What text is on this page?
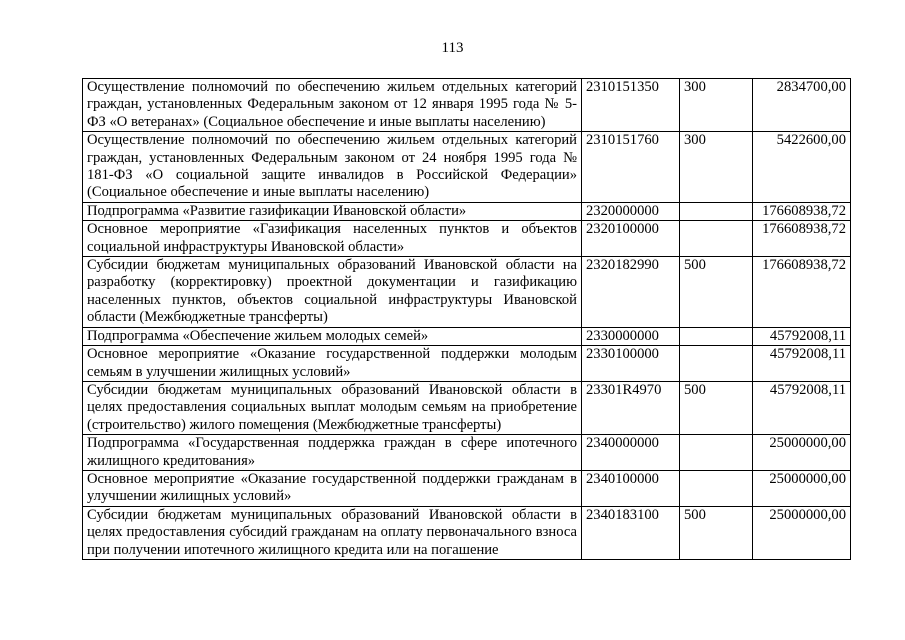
113
Осуществление полномочий по обеспечению жильем отдельных категорий граждан, установленных Федеральным законом от 12 января 1995 года № 5-ФЗ «О ветеранах» (Социальное обеспечение и иные выплаты населению)	2310151350	300	2834700,00
Осуществление полномочий по обеспечению жильем отдельных категорий граждан, установленных Федеральным законом от 24 ноября 1995 года № 181-ФЗ «О социальной защите инвалидов в Российской Федерации» (Социальное обеспечение и иные выплаты населению)	2310151760	300	5422600,00
Подпрограмма «Развитие газификации Ивановской области»	2320000000		176608938,72
Основное мероприятие «Газификация населенных пунктов и объектов социальной инфраструктуры Ивановской области»	2320100000		176608938,72
Субсидии бюджетам муниципальных образований Ивановской области на разработку (корректировку) проектной документации и газификацию населенных пунктов, объектов социальной инфраструктуры Ивановской области (Межбюджетные трансферты)	2320182990	500	176608938,72
Подпрограмма «Обеспечение жильем молодых семей»	2330000000		45792008,11
Основное мероприятие «Оказание государственной поддержки молодым семьям в улучшении жилищных условий»	2330100000		45792008,11
Субсидии бюджетам муниципальных образований Ивановской области в целях предоставления социальных выплат молодым семьям на приобретение (строительство) жилого помещения (Межбюджетные трансферты)	23301R4970	500	45792008,11
Подпрограмма «Государственная поддержка граждан в сфере ипотечного жилищного кредитования»	2340000000		25000000,00
Основное мероприятие «Оказание государственной поддержки гражданам в улучшении жилищных условий»	2340100000		25000000,00
Субсидии бюджетам муниципальных образований Ивановской области в целях предоставления субсидий гражданам на оплату первоначального взноса при получении ипотечного жилищного кредита или на погашение	2340183100	500	25000000,00
